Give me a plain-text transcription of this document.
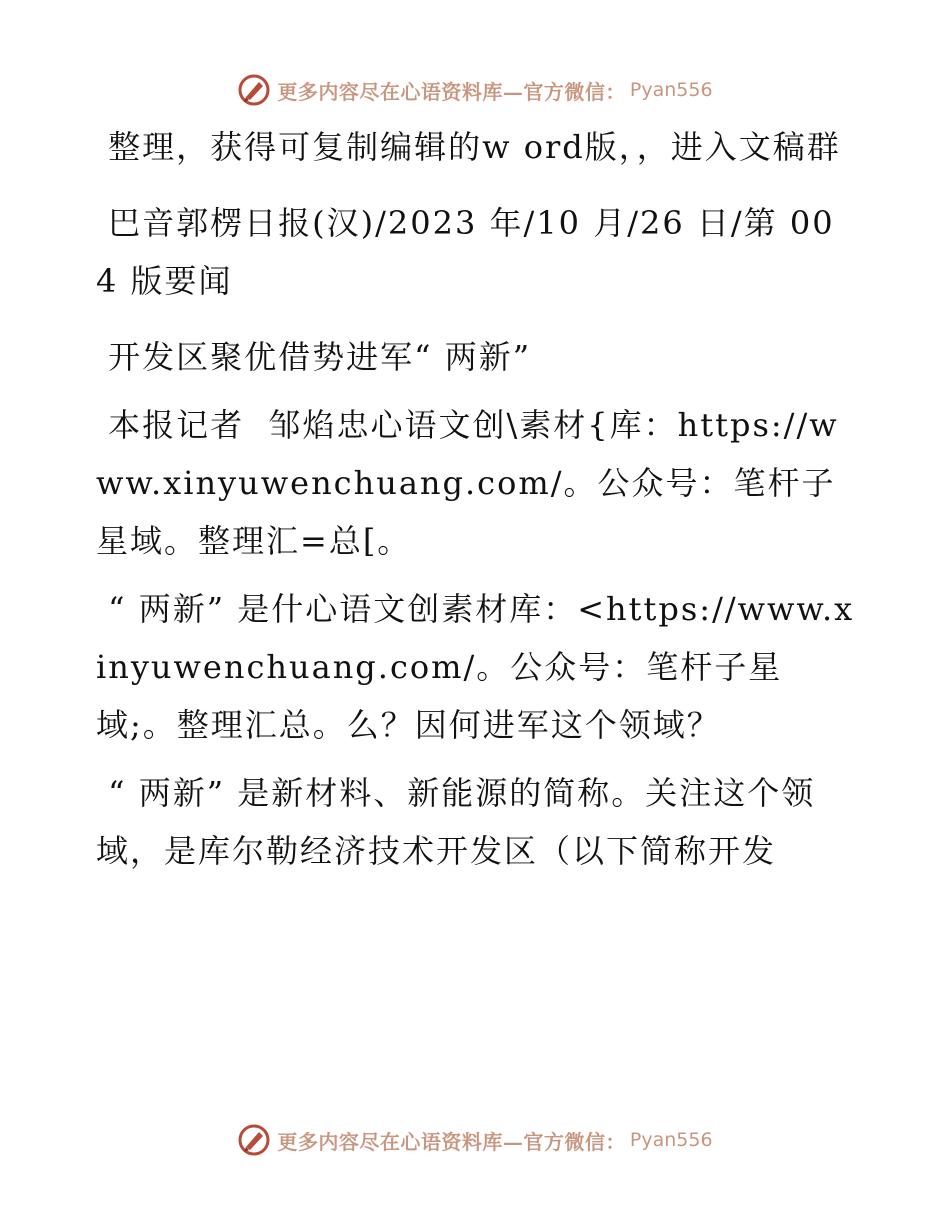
更多内容尽在心语资料库—官方微信： Pyan556

整理，获得可复制编辑的w ord版，，进入文稿群

巴音郭楞日报(汉)/2023 年/10 月/26 日/第 004 版要闻

开发区聚优借势进军“ 两新”

本报记者  邹焰忠心语文创\素材{库：https://www.xinyuwenchuang.com/。公众号：笔杆子星域。整理汇=总[。

“ 两新” 是什心语文创素材库：<https://www.xinyuwenchuang.com/。公众号：笔杆子星域;。整理汇总。么？因何进军这个领域？

“ 两新” 是新材料、新能源的简称。关注这个领域，是库尔勒经济技术开发区（以下简称开发

更多内容尽在心语资料库—官方微信： Pyan556
